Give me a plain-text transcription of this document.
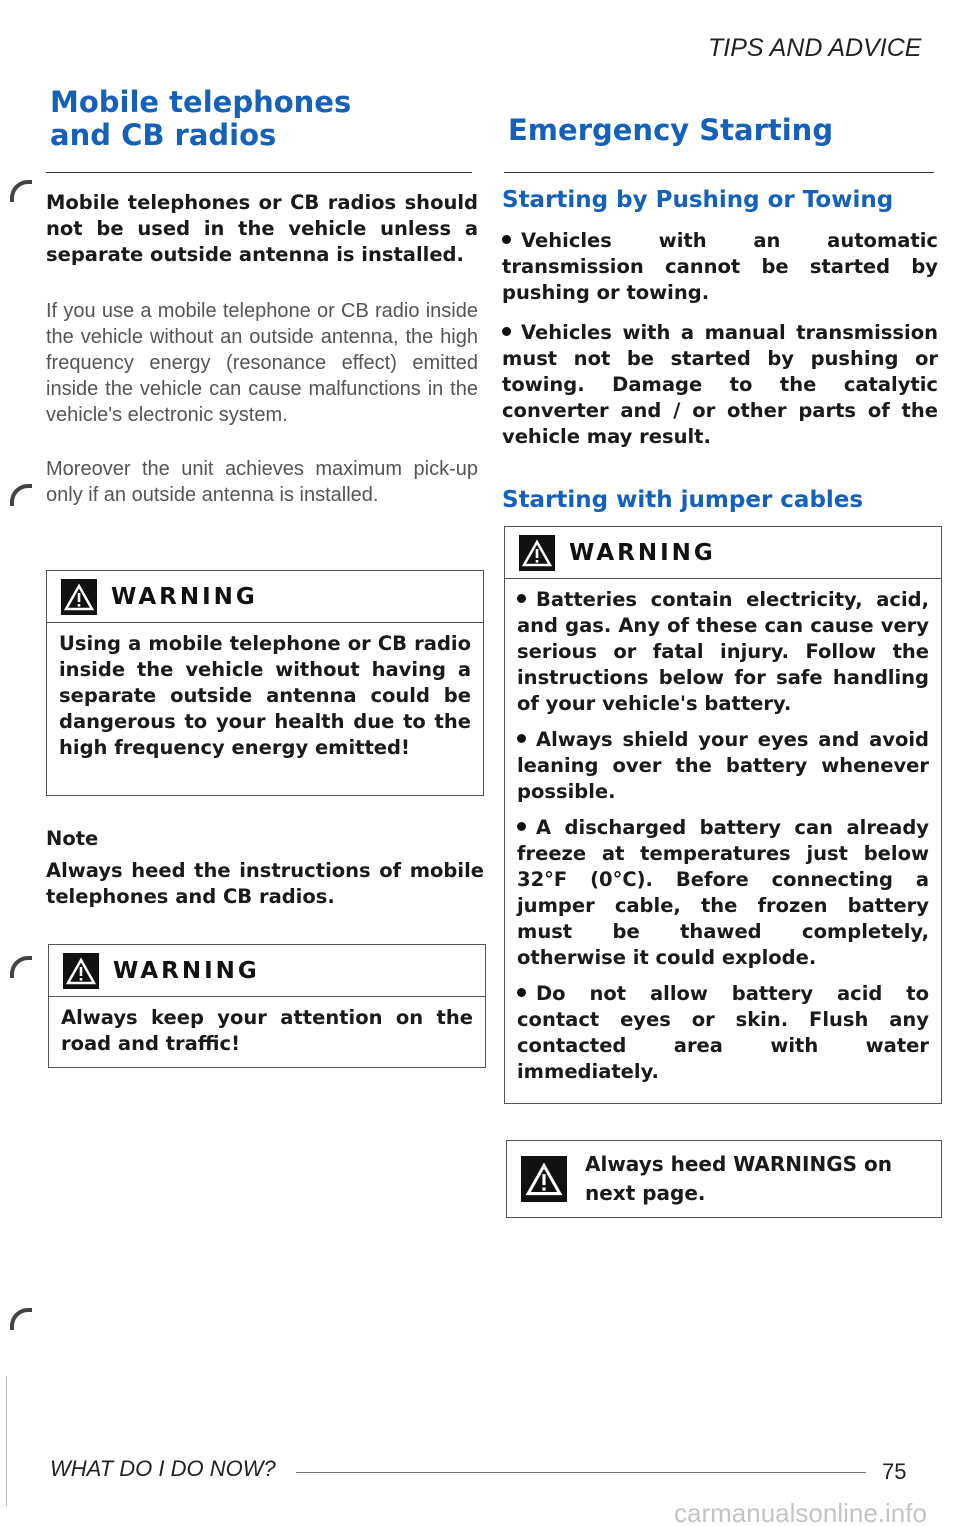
TIPS AND ADVICE
Mobile telephones
and CB radios
Mobile telephones or CB radios should not be used in the vehicle unless a separate outside antenna is installed.
If you use a mobile telephone or CB radio inside the vehicle without an outside antenna, the high frequency energy (resonance effect) emitted inside the vehicle can cause malfunctions in the vehicle's electronic system.
Moreover the unit achieves maximum pick-up only if an outside antenna is installed.
WARNING
Using a mobile telephone or CB radio inside the vehicle without having a separate outside antenna could be dangerous to your health due to the high frequency energy emitted!
Note
Always heed the instructions of mobile telephones and CB radios.
WARNING
Always keep your attention on the road and traffic!
Emergency Starting
Starting by Pushing or Towing
Vehicles with an automatic transmission cannot be started by pushing or towing.
Vehicles with a manual transmission must not be started by pushing or towing. Damage to the catalytic converter and / or other parts of the vehicle may result.
Starting with jumper cables
WARNING
Batteries contain electricity, acid, and gas. Any of these can cause very serious or fatal injury. Follow the instructions below for safe handling of your vehicle's battery.
Always shield your eyes and avoid leaning over the battery whenever possible.
A discharged battery can already freeze at temperatures just below 32°F (0°C). Before connecting a jumper cable, the frozen battery must be thawed completely, otherwise it could explode.
Do not allow battery acid to contact eyes or skin. Flush any contacted area with water immediately.
Always heed WARNINGS on next page.
WHAT DO I DO NOW?	75
carmanualsonline.info
